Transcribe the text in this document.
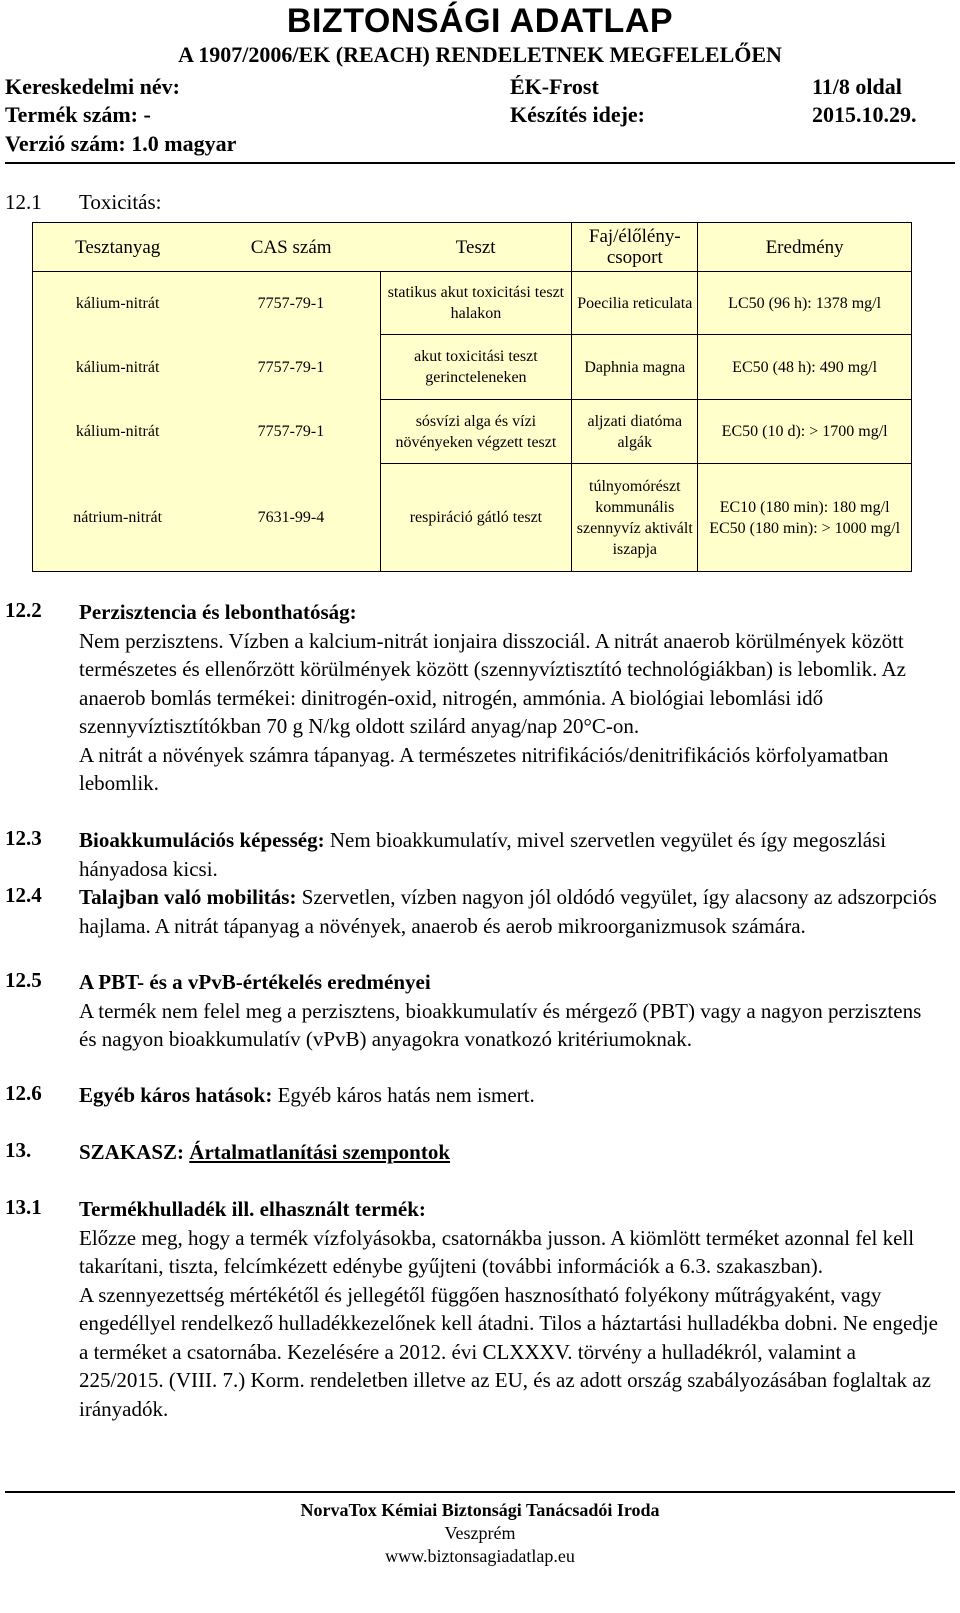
BIZTONSÁGI ADATLAP
A 1907/2006/EK (REACH) RENDELETNEK MEGFELELŐEN
Kereskedelmi név:	ÉK-Frost	11/8 oldal
Termék szám: -	Készítés ideje:	2015.10.29.
Verzió szám: 1.0 magyar
12.1 Toxicitás:
Tesztanyag	CAS szám	Teszt	Faj/élőlény-csoport	Eredmény
kálium-nitrát	7757-79-1	statikus akut toxicitási teszt halakon	Poecilia reticulata	LC50 (96 h): 1378 mg/l
kálium-nitrát	7757-79-1	akut toxicitási teszt gerincteleneken	Daphnia magna	EC50 (48 h): 490 mg/l
kálium-nitrát	7757-79-1	sósvízi alga és vízi növényeken végzett teszt	aljzati diatóma algák	EC50 (10 d): > 1700 mg/l
nátrium-nitrát	7631-99-4	respiráció gátló teszt	túlnyomórészt kommunális szennyvíz aktivált iszapja	EC10 (180 min): 180 mg/l
EC50 (180 min): > 1000 mg/l
12.2 Perzisztencia és lebonthatóság:

Nem perzisztens. Vízben a kalcium-nitrát ionjaira disszociál. A nitrát anaerob körülmények között természetes és ellenőrzött körülmények között (szennyvíztisztító technológiákban) is lebomlik. Az anaerob bomlás termékei: dinitrogén-oxid, nitrogén, ammónia. A biológiai lebomlási idő szennyvíztisztítókban 70 g N/kg oldott szilárd anyag/nap 20°C-on.

A nitrát a növények számra tápanyag. A természetes nitrifikációs/denitrifikációs körfolyamatban lebomlik.

12.3 Bioakkumulációs képesség: Nem bioakkumulatív, mivel szervetlen vegyület és így megoszlási hányadosa kicsi.

12.4 Talajban való mobilitás: Szervetlen, vízben nagyon jól oldódó vegyület, így alacsony az adszorpciós hajlama. A nitrát tápanyag a növények, anaerob és aerob mikroorganizmusok számára.

12.5 A PBT- és a vPvB-értékelés eredményei

A termék nem felel meg a perzisztens, bioakkumulatív és mérgező (PBT) vagy a nagyon perzisztens és nagyon bioakkumulatív (vPvB) anyagokra vonatkozó kritériumoknak.

12.6 Egyéb káros hatások: Egyéb káros hatás nem ismert.

13. SZAKASZ: Ártalmatlanítási szempontok

13.1 Termékhulladék ill. elhasznált termék:

Előzze meg, hogy a termék vízfolyásokba, csatornákba jusson. A kiömlött terméket azonnal fel kell takarítani, tiszta, felcímkézett edénybe gyűjteni (további információk a 6.3. szakaszban).

A szennyezettség mértékétől és jellegétől függően hasznosítható folyékony műtrágyaként, vagy engedéllyel rendelkező hulladékkezelőnek kell átadni. Tilos a háztartási hulladékba dobni. Ne engedje a terméket a csatornába. Kezelésére a 2012. évi CLXXXV. törvény a hulladékról, valamint a 225/2015. (VIII. 7.) Korm. rendeletben illetve az EU, és az adott ország szabályozásában foglaltak az irányadók.

NorvaTox Kémiai Biztonsági Tanácsadói Iroda
Veszprém
www.biztonsagiadatlap.eu
